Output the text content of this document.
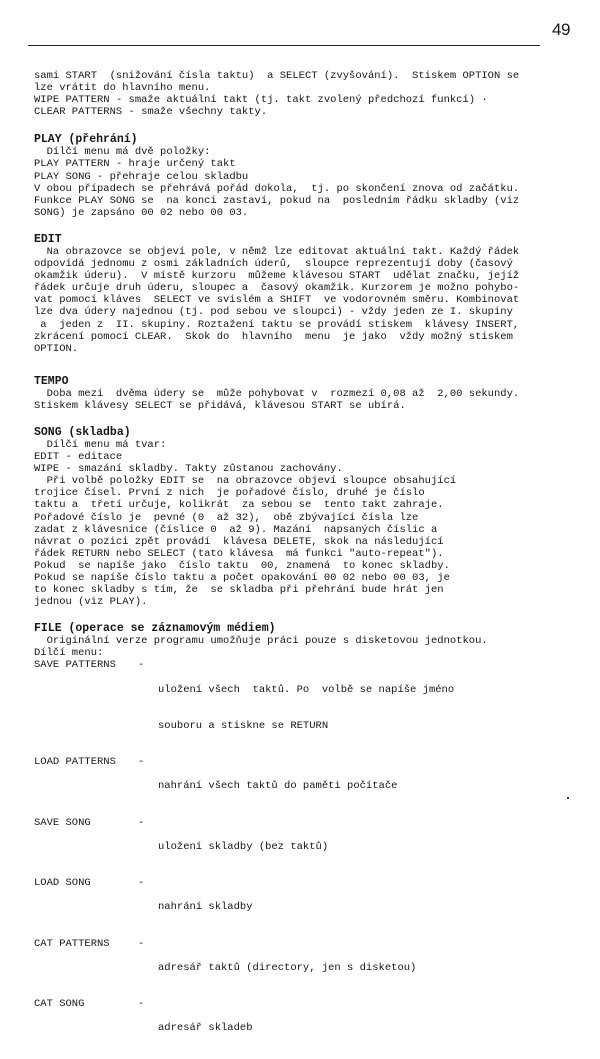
49
sami START  (snižování čísla taktu)  a SELECT (zvyšování).  Stiskem OPTION se
lze vrátit do hlavního menu.
WIPE PATTERN - smaže aktuální takt (tj. takt zvolený předchozí funkcí) ·
CLEAR PATTERNS - smaže všechny takty.
PLAY (přehrání)
Dílčí menu má dvě položky:
PLAY PATTERN - hraje určený takt
PLAY SONG - přehraje celou skladbu
V obou případech se přehrává pořád dokola,  tj. po skončení znova od začátku.
Funkce PLAY SONG se  na konci zastaví, pokud na  posledním řádku skladby (viz
SONG) je zapsáno 00 02 nebo 00 03.
EDIT
Na obrazovce se objeví pole, v němž lze editovat aktuální takt. Každý řádek
odpovídá jednomu z osmi základních úderů,  sloupce reprezentují doby (časový
okamžik úderu).  V místě kurzoru  můžeme klávesou START  udělat značku, jejíž
řádek určuje druh úderu, sloupec a  časový okamžik. Kurzorem je možno pohybo-
vat pomocí kláves  SELECT ve svislém a SHIFT  ve vodorovném směru. Kombinovat
lze dva údery najednou (tj. pod sebou ve sloupci) - vždy jeden ze I. skupiny
a  jeden z  II. skupiny. Roztažení taktu se provádí stiskem  klávesy INSERT,
zkrácení pomocí CLEAR.  Skok do  hlavního  menu  je jako  vždy možný stiskem
OPTION.
TEMPO
Doba mezi  dvěma údery se  může pohybovat v  rozmezí 0,08 až  2,00 sekundy.
Stiskem klávesy SELECT se přidává, klávesou START se ubírá.
SONG (skladba)
Dílčí menu má tvar:
EDIT - editace
WIPE - smazání skladby. Takty zůstanou zachovány.
Při volbě položky EDIT se  na obrazovce objeví sloupce obsahující
trojice čísel. První z nich  je pořadové číslo, druhé je číslo
taktu a  třetí určuje, kolikrát  za sebou se  tento takt zahraje.
Pořadové číslo je  pevné (0  až 32),  obě zbývající čísla lze
zadat z klávesnice (číslice 0  až 9). Mazání  napsaných číslic a
návrat o pozici zpět provádí  klávesa DELETE, skok na následující
řádek RETURN nebo SELECT (tato klávesa  má funkci "auto-repeat").
Pokud  se napíše jako  číslo taktu  00, znamená  to konec skladby.
Pokud se napíše číslo taktu a počet opakování 00 02 nebo 00 03, je
to konec skladby s tím, že  se skladba při přehrání bude hrát jen
jednou (viz PLAY).
FILE (operace se záznamovým médiem)
Originální verze programu umožňuje práci pouze s disketovou jednotkou.
Dílčí menu:
SAVE PATTERNS	-

uložení všech  taktů. Po  volbě se napíše jméno

souboru a stiskne se RETURN

LOAD PATTERNS	-

nahrání všech taktů do paměti počítače

SAVE SONG	-

uložení skladby (bez taktů)

LOAD SONG	-

nahrání skladby

CAT PATTERNS	-

adresář taktů (directory, jen s disketou)

CAT SONG	-

adresář skladeb
